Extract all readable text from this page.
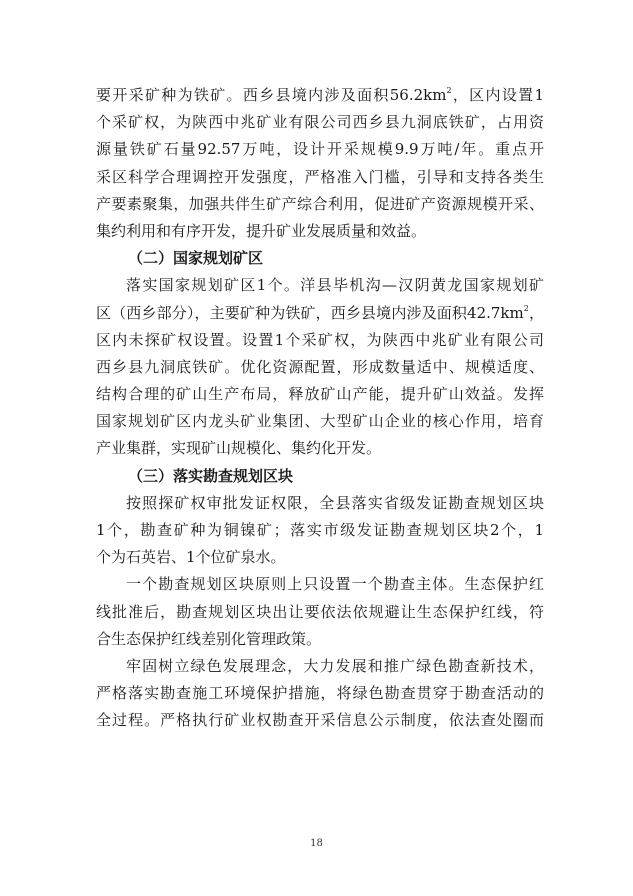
要开采矿种为铁矿。西乡县境内涉及面积$56.2km^2$，区内设置1
个采矿权，为陕西中兆矿业有限公司西乡县九洞底铁矿，占用资
源量铁矿石量92.57万吨，设计开采规模9.9万吨/年。重点开
采区科学合理调控开发强度，严格准入门槛，引导和支持各类生
产要素聚集，加强共伴生矿产综合利用，促进矿产资源规模开采、
集约利用和有序开发，提升矿业发展质量和效益。
（二）国家规划矿区
落实国家规划矿区1个。洋县毕机沟—汉阴黄龙国家规划矿
区（西乡部分），主要矿种为铁矿，西乡县境内涉及面积$42.7km^2$，
区内未探矿权设置。设置1个采矿权，为陕西中兆矿业有限公司
西乡县九洞底铁矿。优化资源配置，形成数量适中、规模适度、
结构合理的矿山生产布局，释放矿山产能，提升矿山效益。发挥
国家规划矿区内龙头矿业集团、大型矿山企业的核心作用，培育
产业集群，实现矿山规模化、集约化开发。
（三）落实勘查规划区块
按照探矿权审批发证权限，全县落实省级发证勘查规划区块
1个，勘查矿种为铜镍矿；落实市级发证勘查规划区块2个，1
个为石英岩、1个位矿泉水。
一个勘查规划区块原则上只设置一个勘查主体。生态保护红
线批准后，勘查规划区块出让要依法依规避让生态保护红线，符
合生态保护红线差别化管理政策。
牢固树立绿色发展理念，大力发展和推广绿色勘查新技术，
严格落实勘查施工环境保护措施，将绿色勘查贯穿于勘查活动的
全过程。严格执行矿业权勘查开采信息公示制度，依法查处圈而
18
